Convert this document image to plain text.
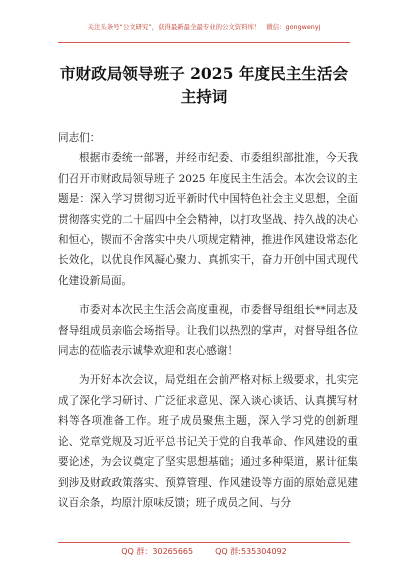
关注头条号“公文研究”，获得最新最全最专业的公文资料库！ 微信：gongwenyj
市财政局领导班子 2025 年度民主生活会
主持词

同志们：

根据市委统一部署，并经市纪委、市委组织部批准，今天我们召开市财政局领导班子 2025 年度民主生活会。本次会议的主题是：深入学习贯彻习近平新时代中国特色社会主义思想，全面贯彻落实党的二十届四中全会精神，以打攻坚战、持久战的决心和恒心，锲而不舍落实中央八项规定精神，推进作风建设常态化长效化，以优良作风凝心聚力、真抓实干，奋力开创中国式现代化建设新局面。

市委对本次民主生活会高度重视，市委督导组组长**同志及督导组成员亲临会场指导。让我们以热烈的掌声，对督导组各位同志的莅临表示诚挚欢迎和衷心感谢！

为开好本次会议，局党组在会前严格对标上级要求，扎实完成了深化学习研讨、广泛征求意见、深入谈心谈话、认真撰写材料等各项准备工作。班子成员聚焦主题，深入学习党的创新理论、党章党规及习近平总书记关于党的自我革命、作风建设的重要论述，为会议奠定了坚实思想基础；通过多种渠道，累计征集到涉及财政政策落实、预算管理、作风建设等方面的原始意见建议百余条，均原汁原味反馈；班子成员之间、与分

QQ 群：30265665	QQ 群:535304092
